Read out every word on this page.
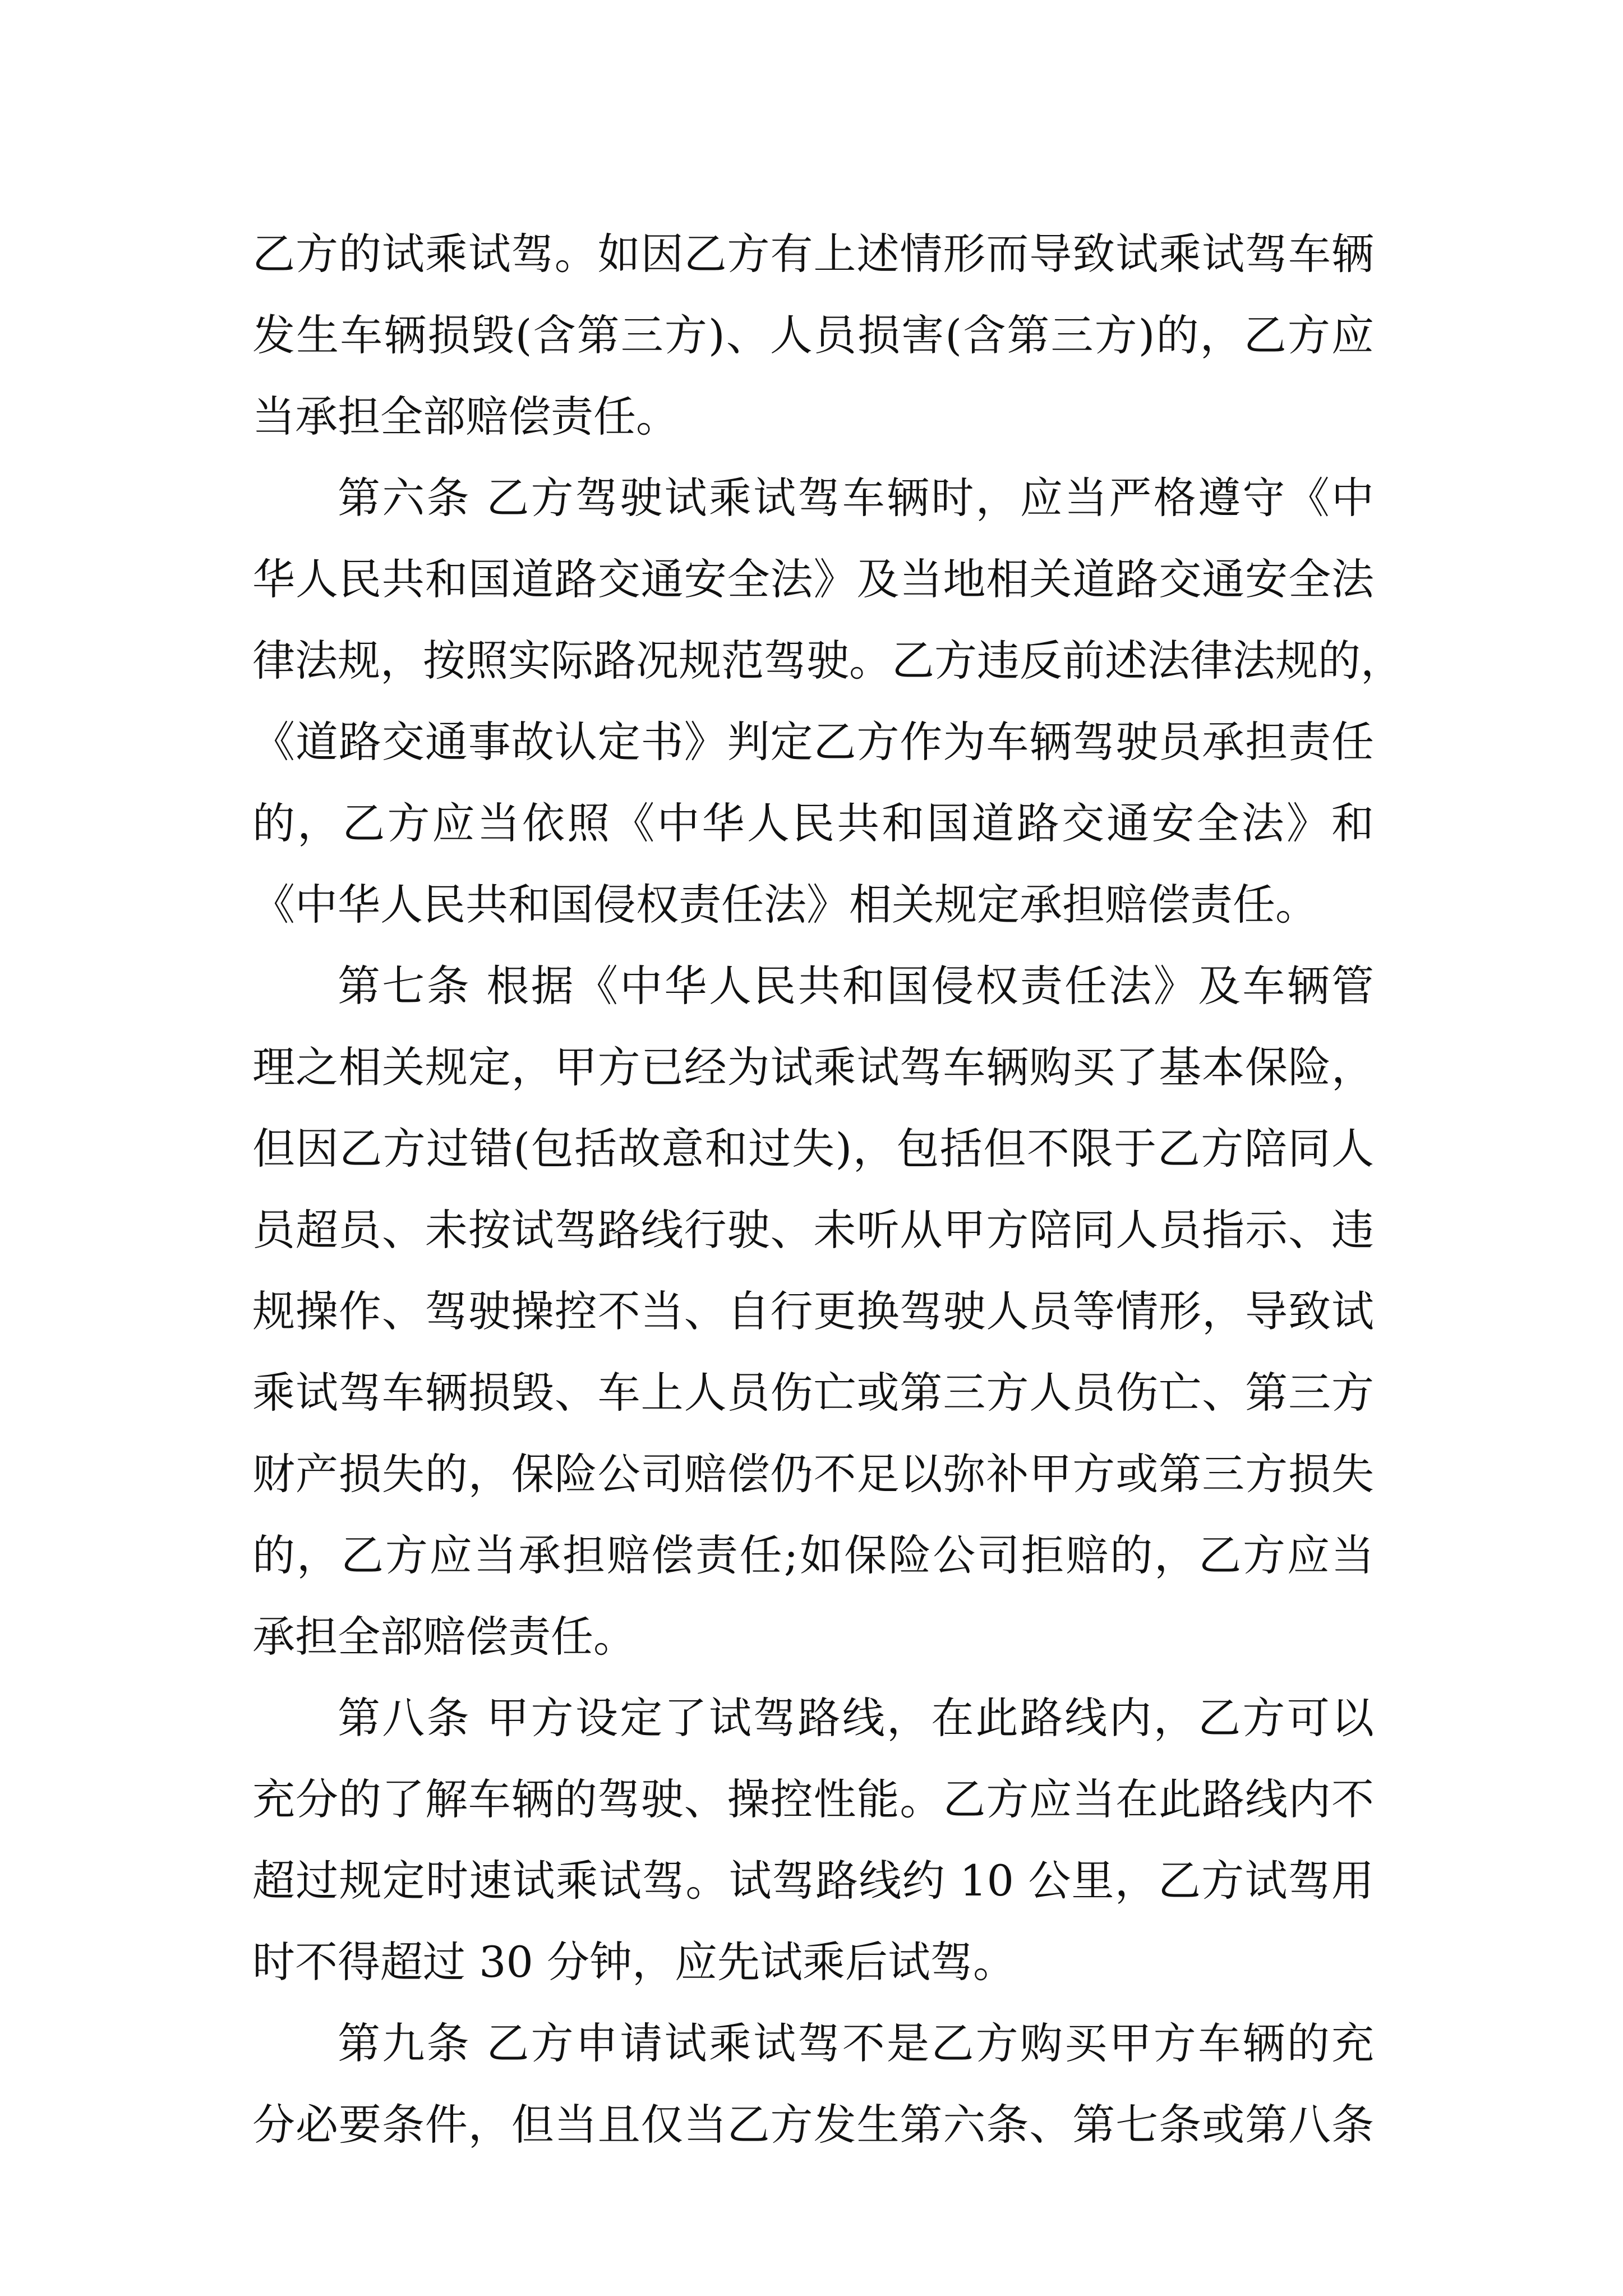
乙方的试乘试驾。如因乙方有上述情形而导致试乘试驾车辆
发生车辆损毁(含第三方)、人员损害(含第三方)的，乙方应
当承担全部赔偿责任。
第六条 乙方驾驶试乘试驾车辆时，应当严格遵守《中
华人民共和国道路交通安全法》及当地相关道路交通安全法
律法规，按照实际路况规范驾驶。乙方违反前述法律法规的，
《道路交通事故认定书》判定乙方作为车辆驾驶员承担责任
的，乙方应当依照《中华人民共和国道路交通安全法》和
《中华人民共和国侵权责任法》相关规定承担赔偿责任。
第七条 根据《中华人民共和国侵权责任法》及车辆管
理之相关规定，甲方已经为试乘试驾车辆购买了基本保险，
但因乙方过错(包括故意和过失)，包括但不限于乙方陪同人
员超员、未按试驾路线行驶、未听从甲方陪同人员指示、违
规操作、驾驶操控不当、自行更换驾驶人员等情形，导致试
乘试驾车辆损毁、车上人员伤亡或第三方人员伤亡、第三方
财产损失的，保险公司赔偿仍不足以弥补甲方或第三方损失
的，乙方应当承担赔偿责任;如保险公司拒赔的，乙方应当
承担全部赔偿责任。
第八条 甲方设定了试驾路线，在此路线内，乙方可以
充分的了解车辆的驾驶、操控性能。乙方应当在此路线内不
超过规定时速试乘试驾。试驾路线约 10 公里，乙方试驾用
时不得超过 30 分钟，应先试乘后试驾。
第九条 乙方申请试乘试驾不是乙方购买甲方车辆的充
分必要条件，但当且仅当乙方发生第六条、第七条或第八条
